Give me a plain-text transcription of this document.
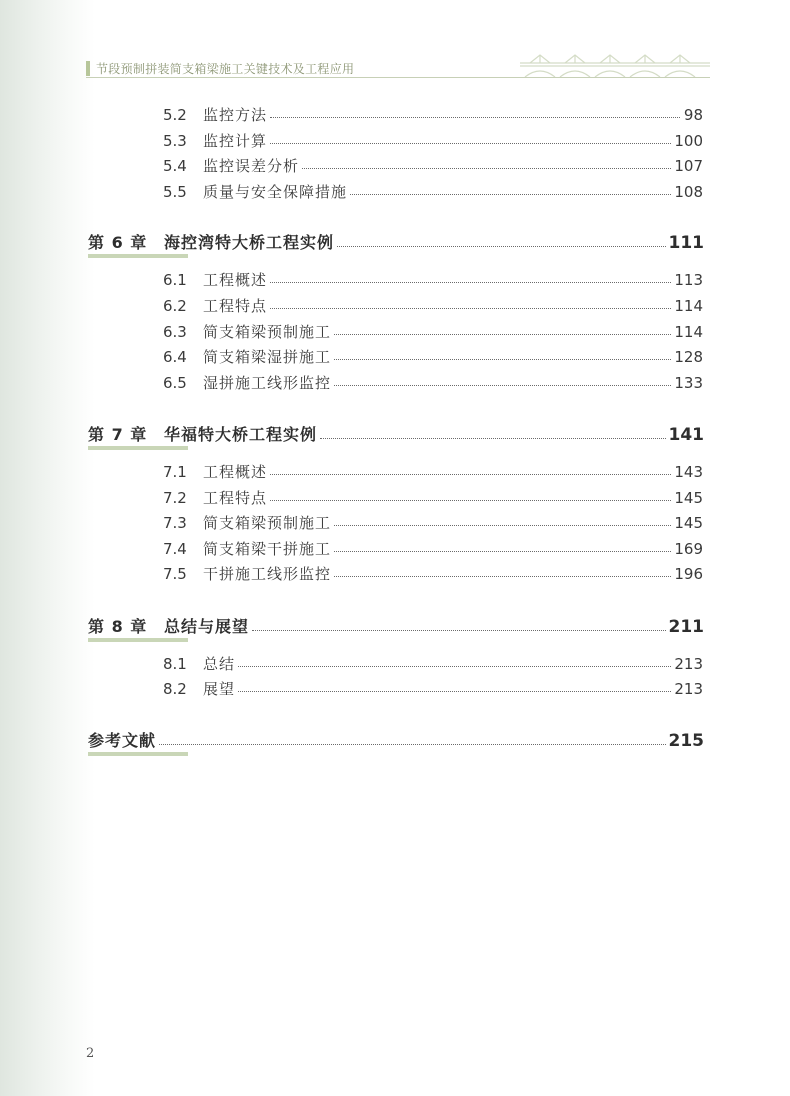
节段预制拼装简支箱梁施工关键技术及工程应用
5.2	监控方法	98
5.3	监控计算	100
5.4	监控误差分析	107
5.5	质量与安全保障措施	108
第 6 章	海控湾特大桥工程实例	111
6.1	工程概述	113
6.2	工程特点	114
6.3	简支箱梁预制施工	114
6.4	简支箱梁湿拼施工	128
6.5	湿拼施工线形监控	133
第 7 章	华福特大桥工程实例	141
7.1	工程概述	143
7.2	工程特点	145
7.3	简支箱梁预制施工	145
7.4	简支箱梁干拼施工	169
7.5	干拼施工线形监控	196
第 8 章	总结与展望	211
8.1	总结	213
8.2	展望	213
参考文献	215
2
